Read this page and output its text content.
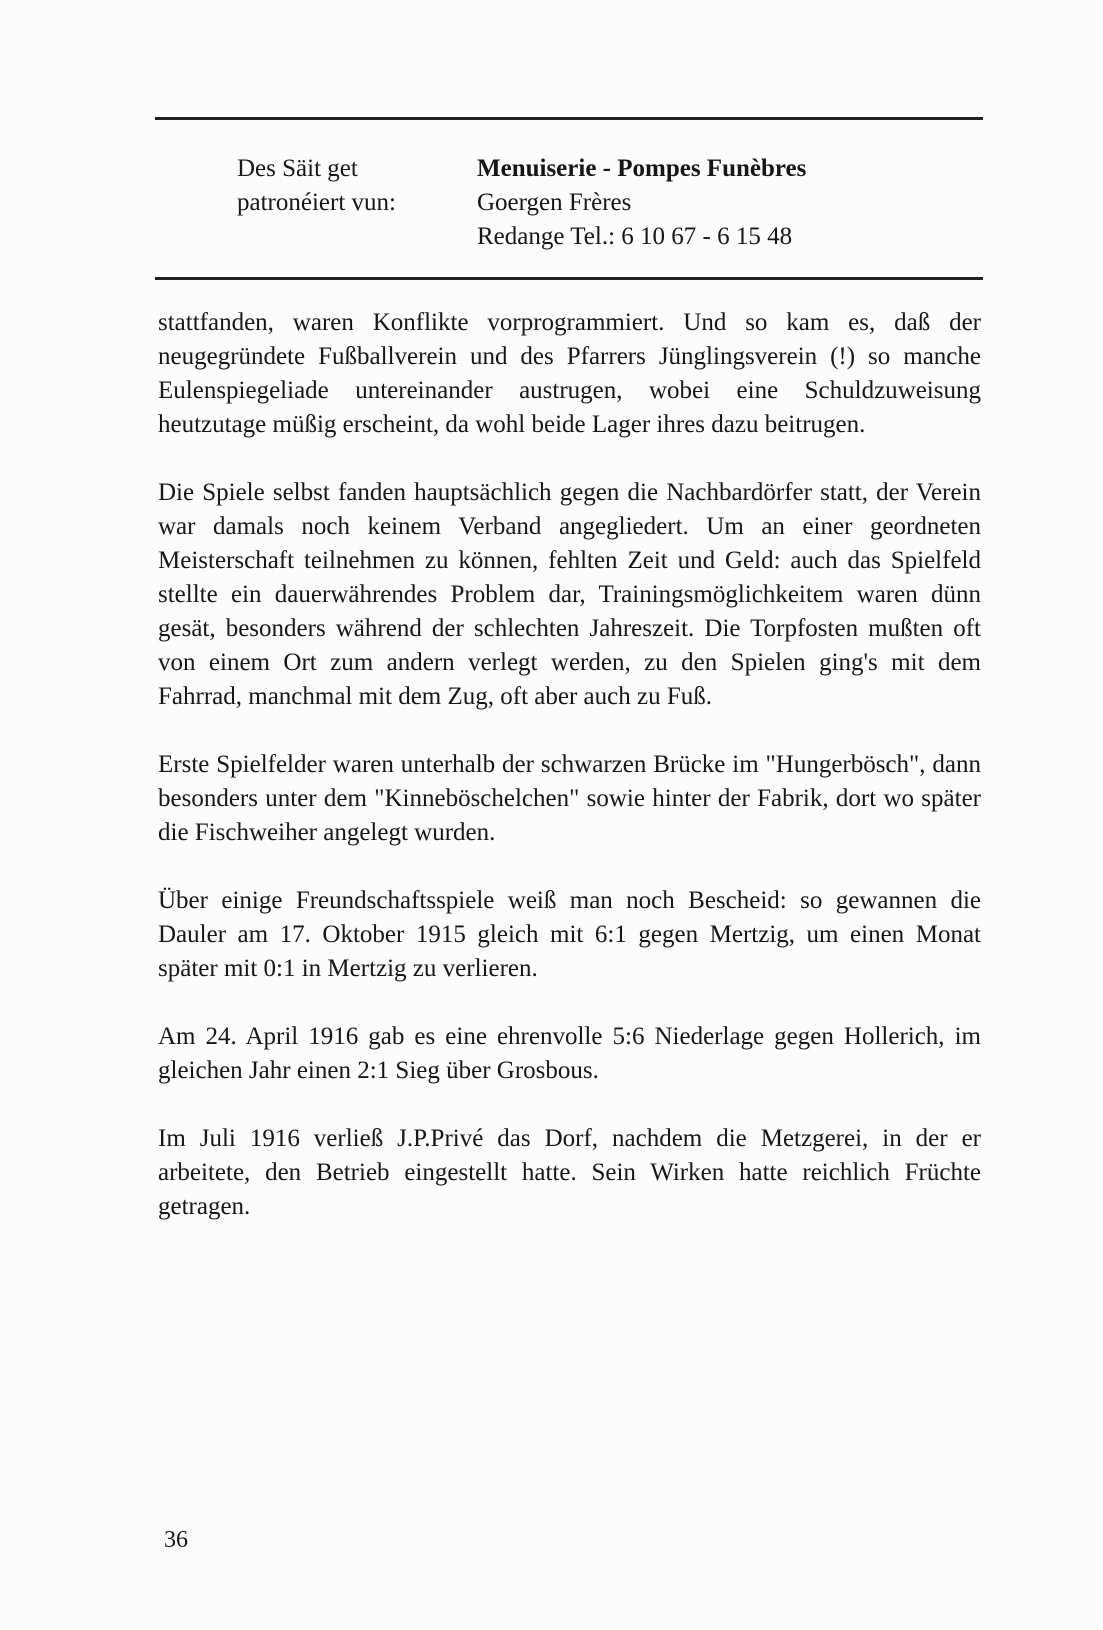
Des Säit get
patronéiert vun:
Menuiserie - Pompes Funèbres
Goergen Frères
Redange Tel.: 6 10 67 - 6 15 48

stattfanden, waren Konflikte vorprogrammiert. Und so kam es, daß der neugegründete Fußballverein und des Pfarrers Jünglingsverein (!) so manche Eulenspiegeliade untereinander austrugen, wobei eine Schuldzuweisung heutzutage müßig erscheint, da wohl beide Lager ihres dazu beitrugen.

Die Spiele selbst fanden hauptsächlich gegen die Nachbardörfer statt, der Verein war damals noch keinem Verband angegliedert. Um an einer geordneten Meisterschaft teilnehmen zu können, fehlten Zeit und Geld: auch das Spielfeld stellte ein dauerwährendes Problem dar, Trainingsmöglichkeitem waren dünn gesät, besonders während der schlechten Jahreszeit. Die Torpfosten mußten oft von einem Ort zum andern verlegt werden, zu den Spielen ging's mit dem Fahrrad, manchmal mit dem Zug, oft aber auch zu Fuß.

Erste Spielfelder waren unterhalb der schwarzen Brücke im "Hungerbösch", dann besonders unter dem "Kinneböschelchen" sowie hinter der Fabrik, dort wo später die Fischweiher angelegt wurden.

Über einige Freundschaftsspiele weiß man noch Bescheid: so gewannen die Dauler am 17. Oktober 1915 gleich mit 6:1 gegen Mertzig, um einen Monat später mit 0:1 in Mertzig zu verlieren.

Am 24. April 1916 gab es eine ehrenvolle 5:6 Niederlage gegen Hollerich, im gleichen Jahr einen 2:1 Sieg über Grosbous.

Im Juli 1916 verließ J.P.Privé das Dorf, nachdem die Metzgerei, in der er arbeitete, den Betrieb eingestellt hatte. Sein Wirken hatte reichlich Früchte getragen.

36
